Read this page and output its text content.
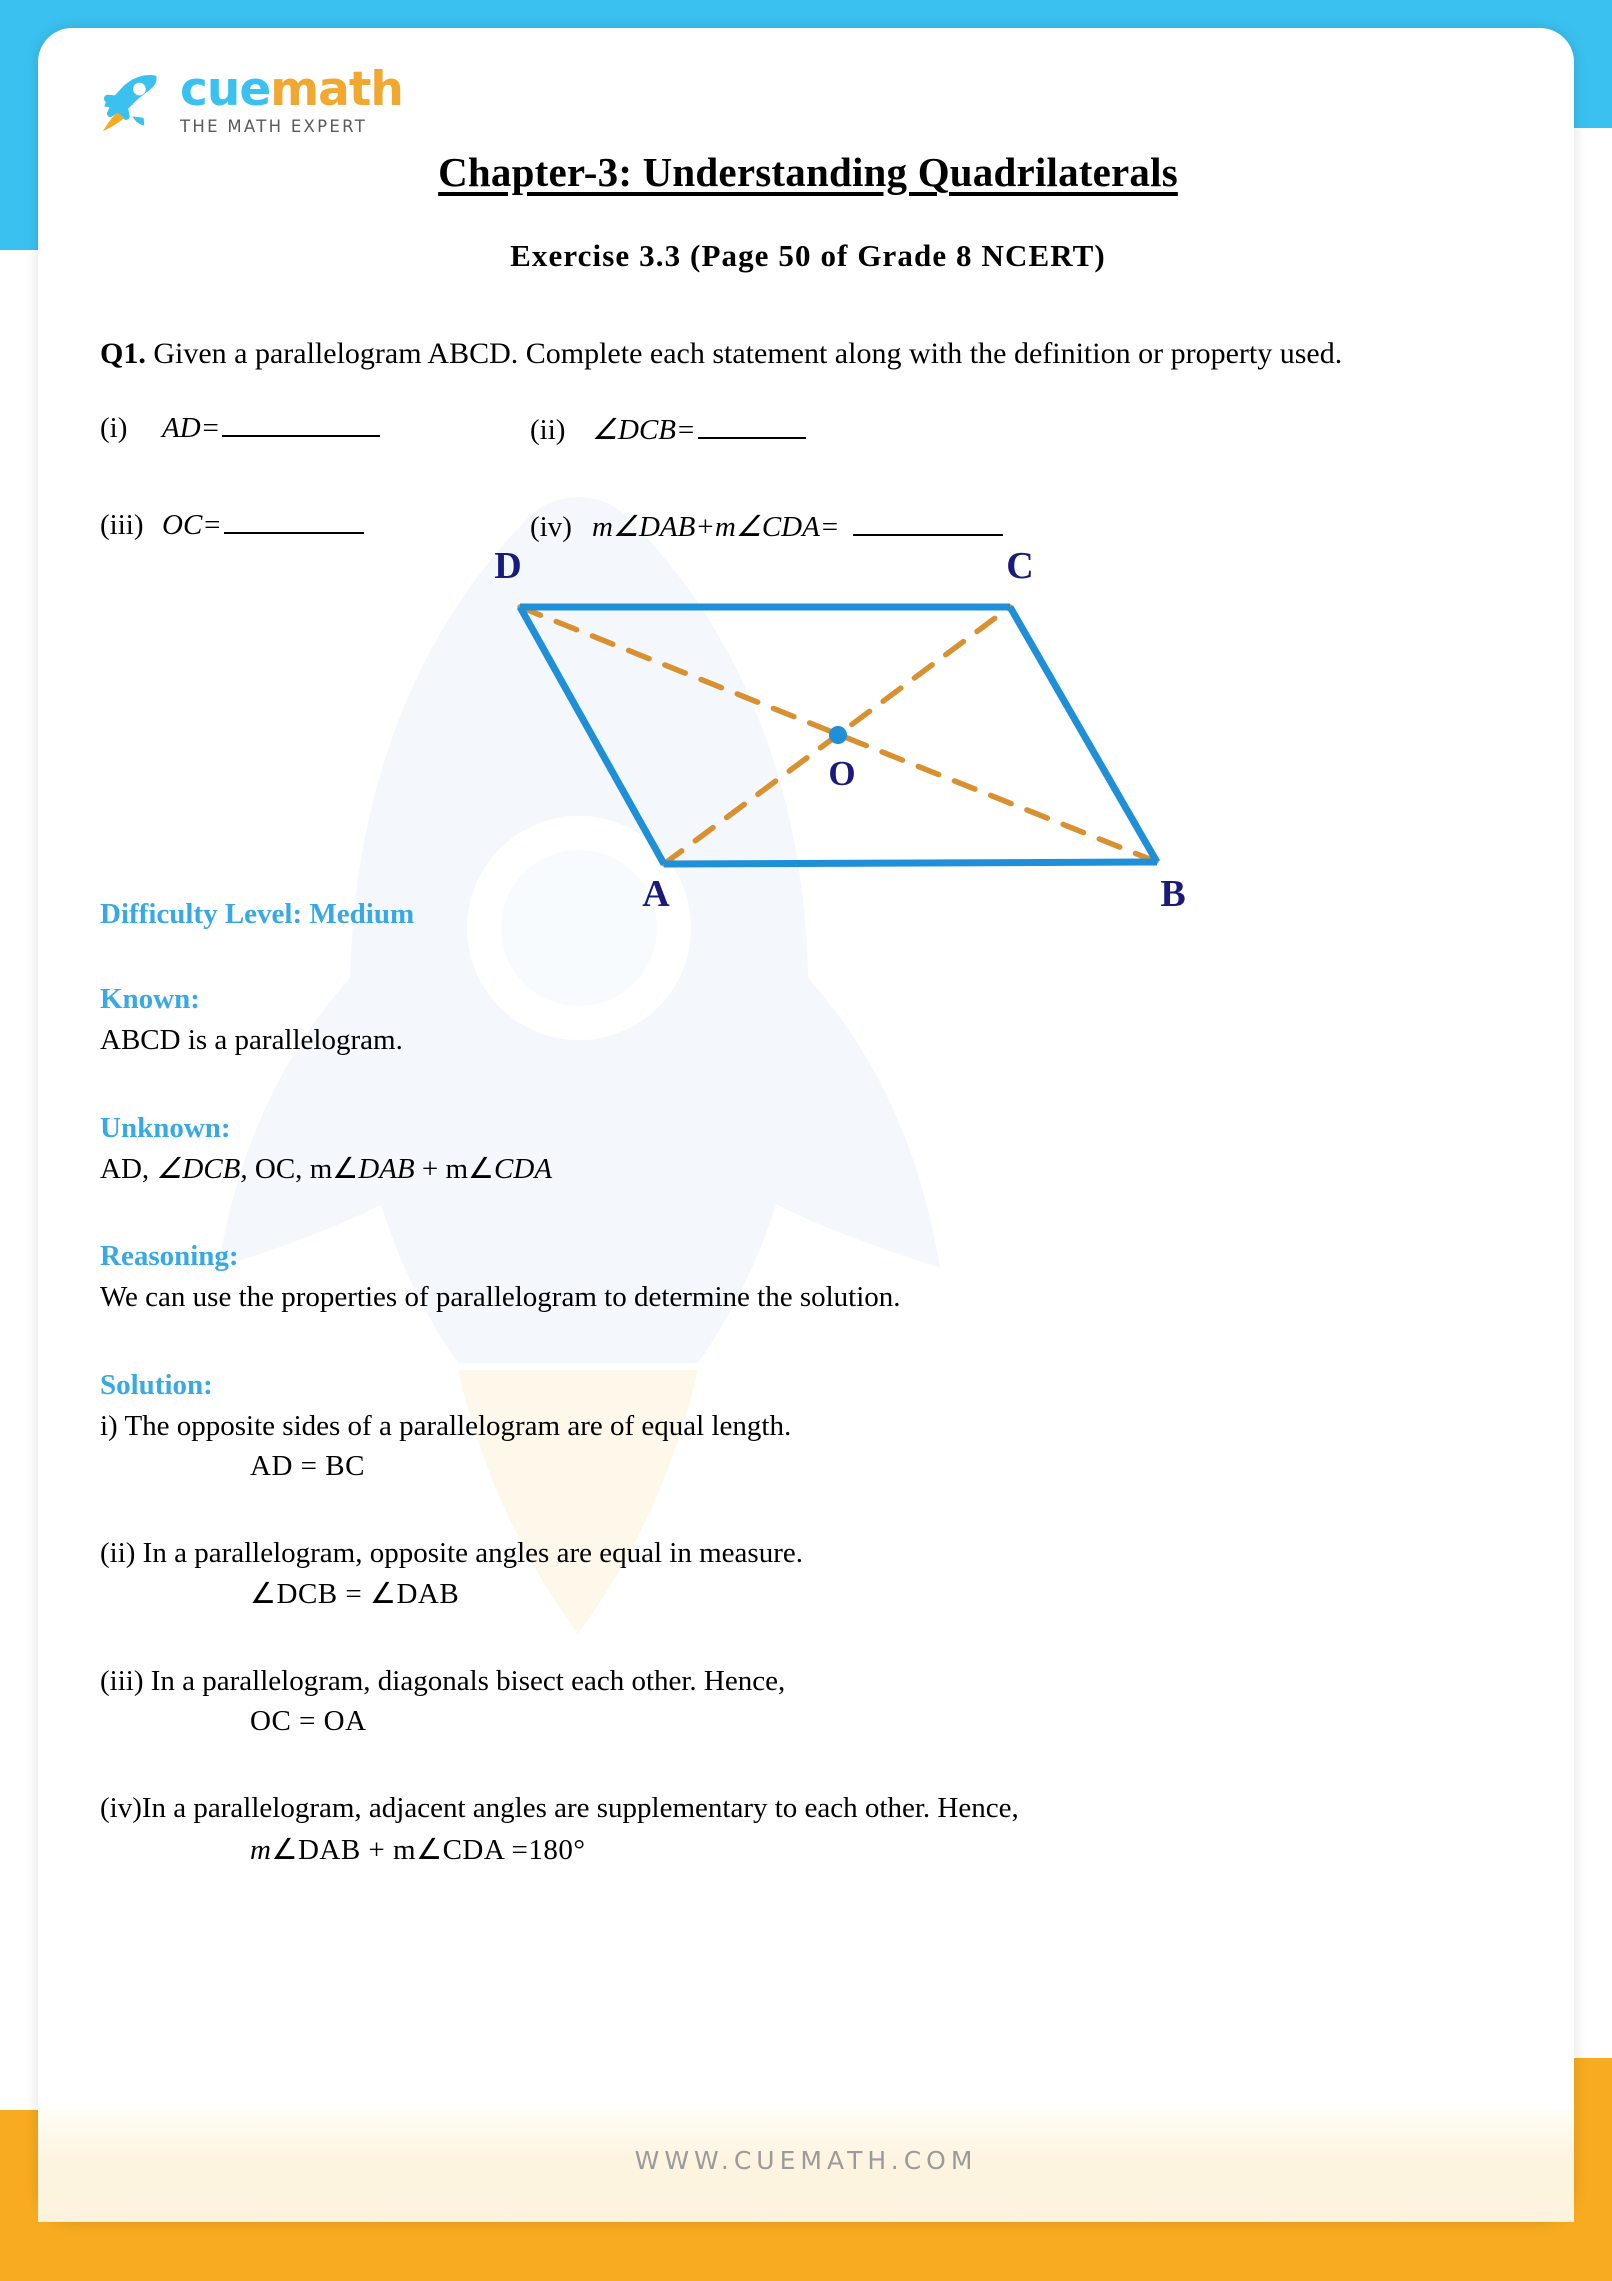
cuemath
THE MATH EXPERT
Chapter-3: Understanding Quadrilaterals
Exercise 3.3 (Page 50 of Grade 8 NCERT)

Q1. Given a parallelogram ABCD. Complete each statement along with the definition or property used.

(i)	AD=	(ii) ∠DCB=
(iii) OC=	(iv) m∠DAB+m∠CDA=
D	C
A	B
O

Difficulty Level: Medium

Known:

ABCD is a parallelogram.

Unknown:

AD, ∠DCB, OC, m∠DAB + m∠CDA

Reasoning:

We can use the properties of parallelogram to determine the solution.

Solution:

i) The opposite sides of a parallelogram are of equal length.

AD = BC

(ii) In a parallelogram, opposite angles are equal in measure.

∠DCB = ∠DAB

(iii) In a parallelogram, diagonals bisect each other. Hence,

OC = OA

(iv)In a parallelogram, adjacent angles are supplementary to each other. Hence,

m∠DAB + m∠CDA =180°

WWW.CUEMATH.COM
